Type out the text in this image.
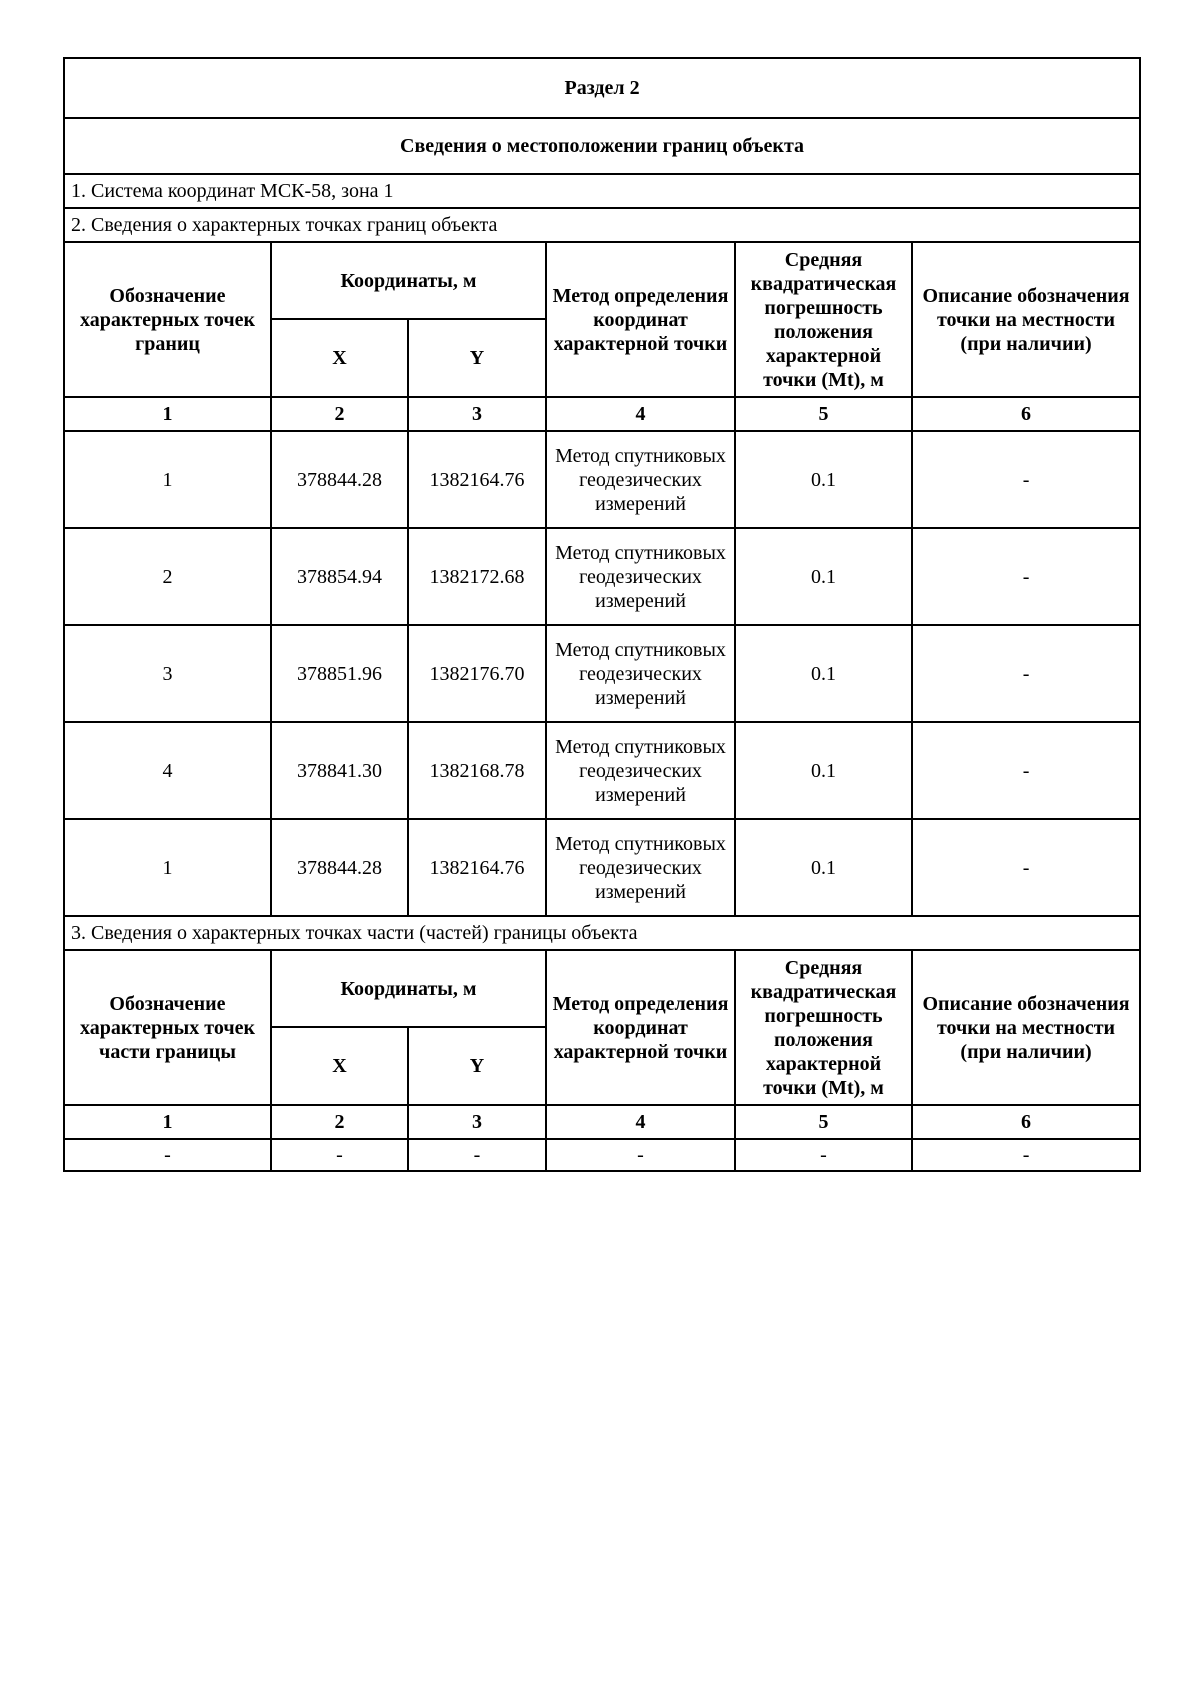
Раздел 2					
Сведения о местоположении границ объекта					
1. Система координат МСК-58, зона 1					
2. Сведения о характерных точках границ объекта					
Обозначение характерных точек границ	Координаты, м		Метод определения координат характерной точки	Средняя квадратическая погрешность положения характерной точки (Mt), м	Описание обозначения точки на местности (при наличии)
	X	Y			
1	2	3	4	5	6
1	378844.28	1382164.76	Метод спутниковых геодезических измерений	0.1	-
2	378854.94	1382172.68	Метод спутниковых геодезических измерений	0.1	-
3	378851.96	1382176.70	Метод спутниковых геодезических измерений	0.1	-
4	378841.30	1382168.78	Метод спутниковых геодезических измерений	0.1	-
1	378844.28	1382164.76	Метод спутниковых геодезических измерений	0.1	-
3. Сведения о характерных точках части (частей) границы объекта					
Обозначение характерных точек части границы	Координаты, м		Метод определения координат характерной точки	Средняя квадратическая погрешность положения характерной точки (Mt), м	Описание обозначения точки на местности (при наличии)
	X	Y			
1	2	3	4	5	6
-	-	-	-	-	-
